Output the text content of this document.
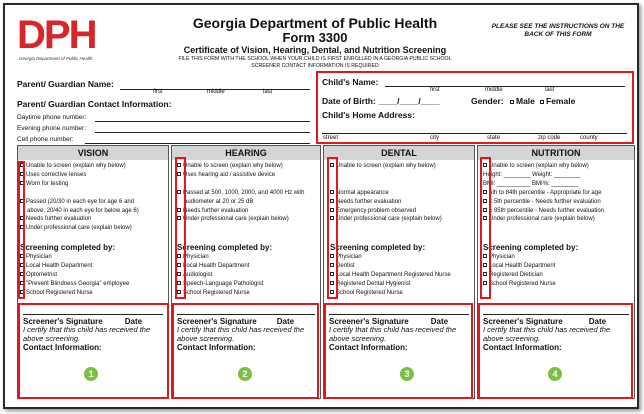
DPH
Georgia Department of Public Health
Georgia Department of Public Health
Form 3300
Certificate of Vision, Hearing, Dental, and Nutrition Screening
FILE THIS FORM WITH THE SCHOOL WHEN YOUR CHILD IS FIRST ENROLLED IN A GEORGIA PUBLIC SCHOOL
SCREENER CONTACT INFORMATION IS REQUIRED
PLEASE SEE THE INSTRUCTIONS ON THE BACK OF THIS FORM
Parent/ Guardian Name:
first	middle	last
Parent/ Guardian Contact Information:
Daytime phone number:
Evening phone number:
Cell phone number:
Child's Name:
first	middle	last
Date of Birth: ____/____/____	Gender:	Male	Female
Child's Home Address:
street	city	state	zip code	county
VISION
Unable to screen (explain why below)
Uses corrective lenses
Worn for testing

Passed (20/30 in each eye for age 6 and
above, 20/40 in each eye for below age 6)
Needs further evaluation
Under professional care (explain below)
Screening completed by:
Physician
Local Health Department
Optometrist
"Prevent Blindness Georgia" employee
School Registered Nurse
HEARING
Unable to screen (explain why below)
Uses hearing aid / assistive device

Passed at 500, 1000, 2000, and 4000 Hz with
audiometer at 20 or 25 dB
Needs further evaluation
Under professional care (explain below)
Screening completed by:
Physician
Local Health Department
Audiologist
Speech-Language Pathologist
School Registered Nurse
DENTAL
Unable to screen (explain why below)

Normal appearance
Needs further evaluation
Emergency problem observed
Under professional care (explain below)
Screening completed by:
Physician
Dentist
Local Health Department Registered Nurse
Registered Dental Hygienist
School Registered Nurse
NUTRITION
Unable to screen (explain why below)
Height: ________ Weight: ________
BMI: __________ BMI%: ________
5th to 84th percentile - Appropriate for age
≤ 5th percentile - Needs further evaluation
≥ 85th percentile - Needs further evaluation
Under professional care (explain below)
Screening completed by:
Physician
Local Health Department
Registered Dietician
School Registered Nurse
Screener's Signature	Date
I certify that this child has received the above screening.
Contact Information:
1
Screener's Signature	Date
I certify that this child has received the above screening.
Contact Information:
2
Screener's Signature	Date
I certify that this child has received the above screening.
Contact Information:
3
Screener's Signature	Date
I certify that this child has received the above screening.
Contact Information:
4
